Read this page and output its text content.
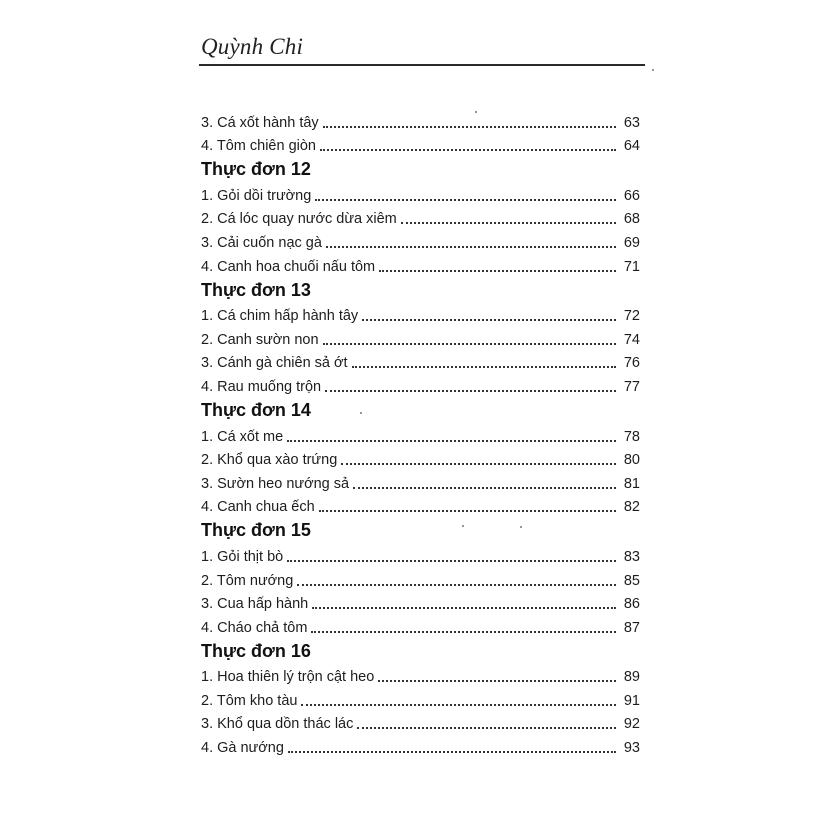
Quỳnh Chi
3. Cá xốt hành tây	63
4. Tôm chiên giòn	64
Thực đơn 12
1. Gỏi dồi trường	66
2. Cá lóc quay nước dừa xiêm	68
3. Cải cuốn nạc gà	69
4. Canh hoa chuối nấu tôm	71
Thực đơn 13
1. Cá chim hấp hành tây	72
2. Canh sườn non	74
3. Cánh gà chiên sả ớt	76
4. Rau muống trộn	77
Thực đơn 14
1. Cá xốt me	78
2. Khổ qua xào trứng	80
3. Sườn heo nướng sả	81
4. Canh chua ếch	82
Thực đơn 15
1. Gỏi thịt bò	83
2. Tôm nướng	85
3. Cua hấp hành	86
4. Cháo chả tôm	87
Thực đơn 16
1. Hoa thiên lý trộn cật heo	89
2. Tôm kho tàu	91
3. Khổ qua dồn thác lác	92
4. Gà nướng	93
